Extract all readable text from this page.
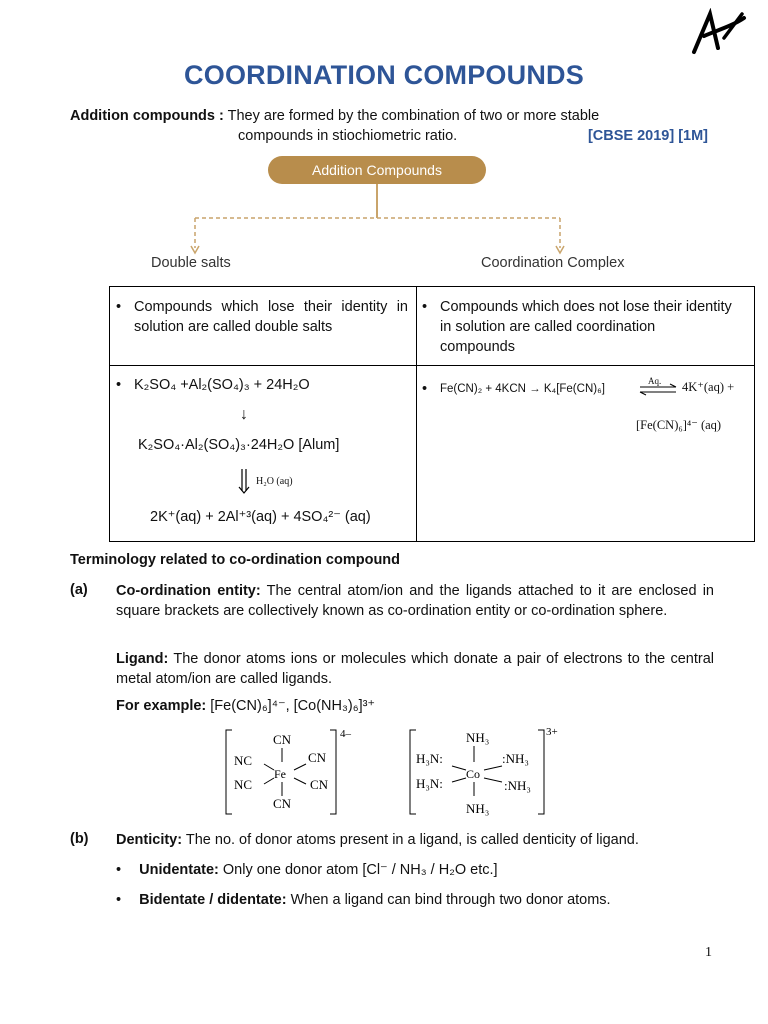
COORDINATION COMPOUNDS
Addition compounds : They are formed by the combination of two or more stable
compounds in stiochiometric ratio.	[CBSE 2019] [1M]
Addition Compounds
Double salts	Coordination Complex
• Compounds which lose their identity in solution are called double salts
• Compounds which does not lose their identity in solution are called coordination compounds
• K₂SO₄ +Al₂(SO₄)₃ + 24H₂O
↓
K₂SO₄·Al₂(SO₄)₃·24H₂O [Alum]
H₂O (aq)
2K⁺(aq) + 2Al⁺³(aq) + 4SO₄²⁻ (aq)
• Fe(CN)₂ + 4KCN → K₄[Fe(CN)₆]
Aq. ⇌ 4K⁺(aq) +
[Fe(CN)₆]⁴⁻ (aq)
Terminology related to co-ordination compound
(a) Co-ordination entity: The central atom/ion and the ligands attached to it are enclosed in square brackets are collectively known as co-ordination entity or co-ordination sphere.
Ligand: The donor atoms ions or molecules which donate a pair of electrons to the central metal atom/ion are called ligands.
For example: [Fe(CN)₆]⁴⁻, [Co(NH₃)₆]³⁺
CN
CN
NC
NC
CN
CN
Fe
4–	NH₃
NH₃
H₃N:
H₃N:
:NH₃
:NH₃
Co
3+
(b) Denticity: The no. of donor atoms present in a ligand, is called denticity of ligand.
• Unidentate: Only one donor atom [Cl⁻ / NH₃ / H₂O etc.]
• Bidentate / didentate: When a ligand can bind through two donor atoms.
1
